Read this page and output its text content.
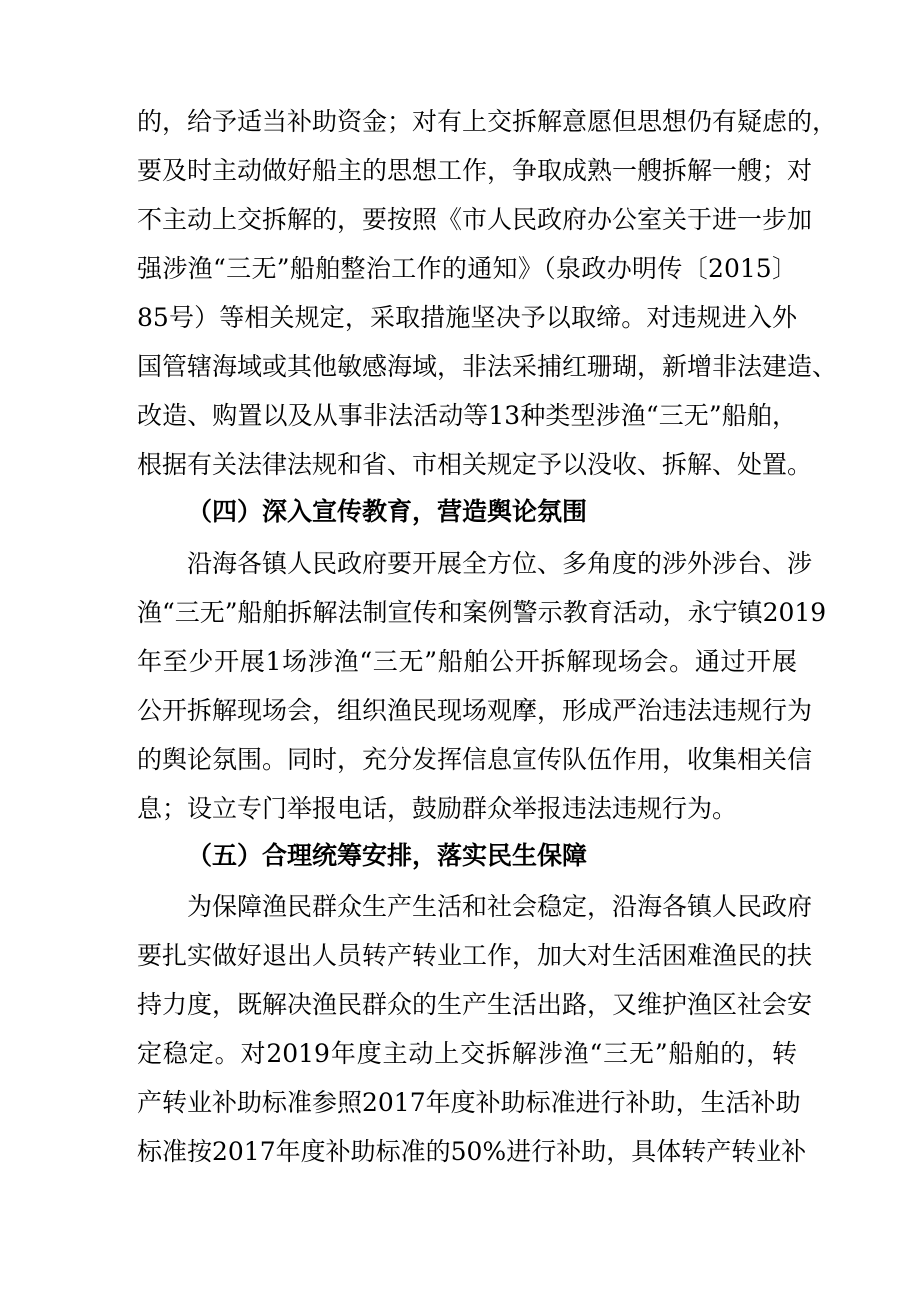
的，给予适当补助资金；对有上交拆解意愿但思想仍有疑虑的，
要及时主动做好船主的思想工作，争取成熟一艘拆解一艘；对
不主动上交拆解的，要按照《市人民政府办公室关于进一步加
强涉渔“三无”船舶整治工作的通知》（泉政办明传〔2015〕
85号）等相关规定，采取措施坚决予以取缔。对违规进入外
国管辖海域或其他敏感海域，非法采捕红珊瑚，新增非法建造、
改造、购置以及从事非法活动等13种类型涉渔“三无”船舶，
根据有关法律法规和省、市相关规定予以没收、拆解、处置。
（四）深入宣传教育，营造舆论氛围
沿海各镇人民政府要开展全方位、多角度的涉外涉台、涉
渔“三无”船舶拆解法制宣传和案例警示教育活动，永宁镇2019
年至少开展1场涉渔“三无”船舶公开拆解现场会。通过开展
公开拆解现场会，组织渔民现场观摩，形成严治违法违规行为
的舆论氛围。同时，充分发挥信息宣传队伍作用，收集相关信
息；设立专门举报电话，鼓励群众举报违法违规行为。
（五）合理统筹安排，落实民生保障
为保障渔民群众生产生活和社会稳定，沿海各镇人民政府
要扎实做好退出人员转产转业工作，加大对生活困难渔民的扶
持力度，既解决渔民群众的生产生活出路，又维护渔区社会安
定稳定。对2019年度主动上交拆解涉渔“三无”船舶的，转
产转业补助标准参照2017年度补助标准进行补助，生活补助
标准按2017年度补助标准的50%进行补助，具体转产转业补
